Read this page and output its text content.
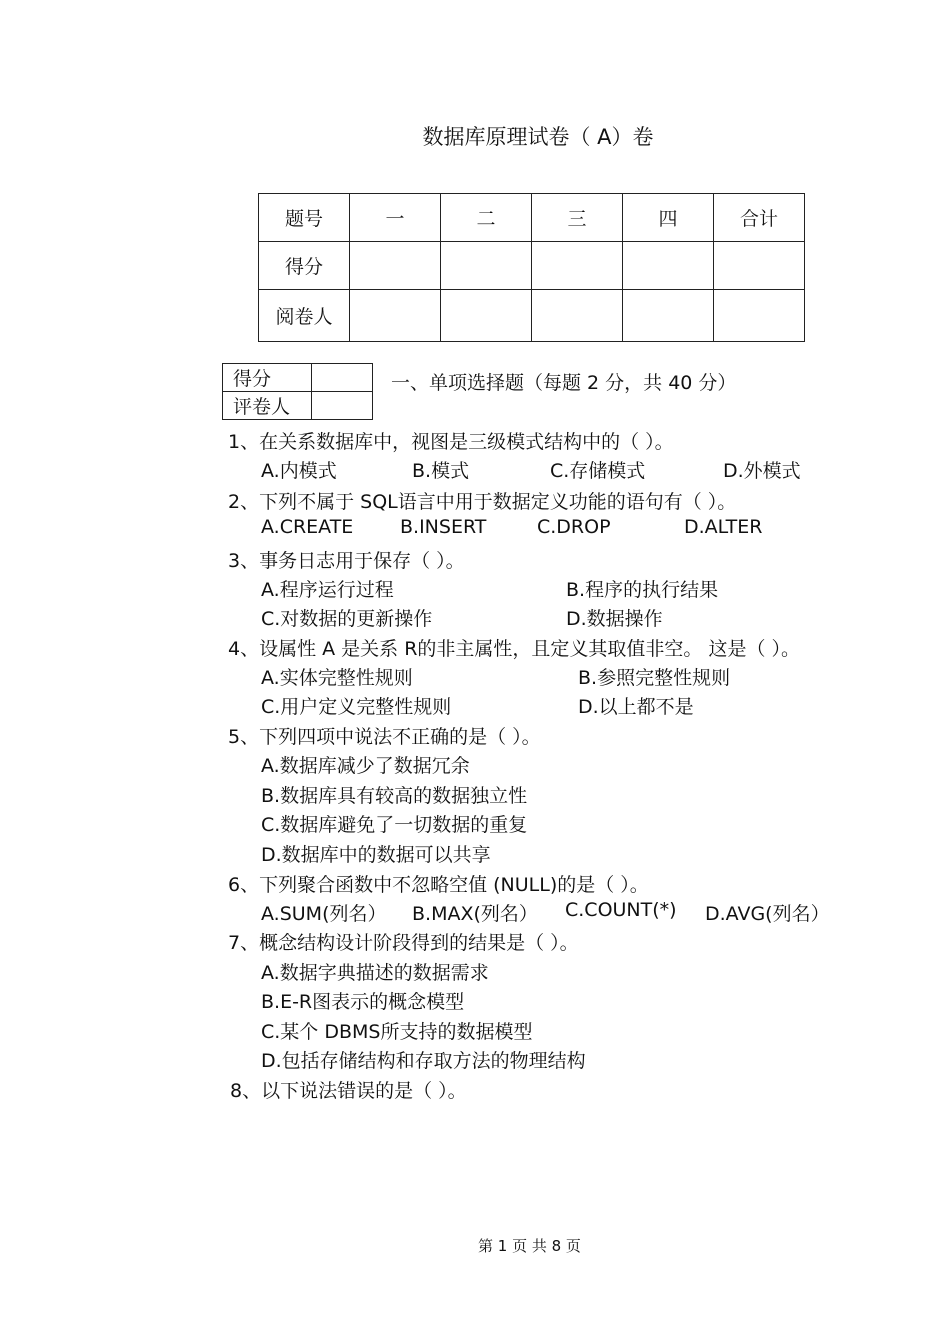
数据库原理试卷（ A）卷
题号	一	二	三	四	合计
得分					
阅卷人					
得分	
评卷人	
一、单项选择题（每题 2 分，共 40 分）
1、在关系数据库中，视图是三级模式结构中的（ ）。
A.内模式	B.模式	C.存储模式	D.外模式
2、下列不属于 SQL语言中用于数据定义功能的语句有（ ）。
A.CREATE B.INSERT	C.DROP	D.ALTER
3、事务日志用于保存（ ）。
A.程序运行过程	B.程序的执行结果
C.对数据的更新操作	D.数据操作
4、设属性 A 是关系 R的非主属性，且定义其取值非空。 这是（ ）。
A.实体完整性规则	B.参照完整性规则
C.用户定义完整性规则	D.以上都不是
5、下列四项中说法不正确的是（ ）。
A.数据库减少了数据冗余
B.数据库具有较高的数据独立性
C.数据库避免了一切数据的重复
D.数据库中的数据可以共享
6、下列聚合函数中不忽略空值 (NULL)的是（ ）。
A.SUM(列名） B.MAX(列名） C.COUNT(*) D.AVG(列名）
7、概念结构设计阶段得到的结果是（ ）。
A.数据字典描述的数据需求
B.E-R图表示的概念模型
C.某个 DBMS所支持的数据模型
D.包括存储结构和存取方法的物理结构
8、以下说法错误的是（ ）。
第 1 页 共 8 页
